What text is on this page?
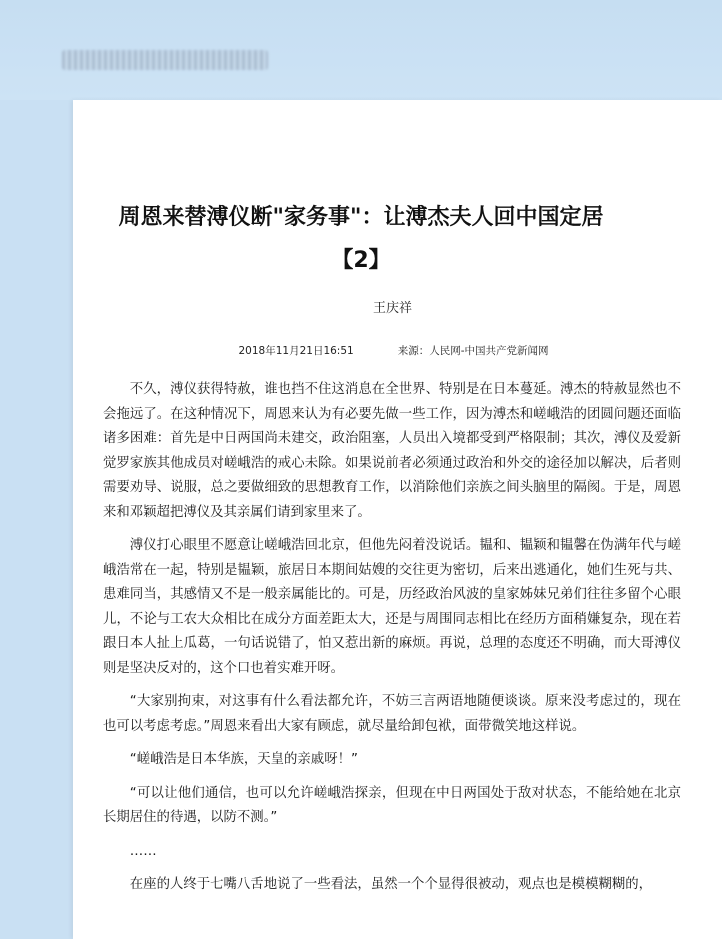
周恩来替溥仪断"家务事"：让溥杰夫人回中国定居
【2】
王庆祥
2018年11月21日16:51	来源：人民网-中国共产党新闻网

不久，溥仪获得特赦，谁也挡不住这消息在全世界、特别是在日本蔓延。溥杰的特赦显然也不会拖远了。在这种情况下，周恩来认为有必要先做一些工作，因为溥杰和嵯峨浩的团圆问题还面临诸多困难：首先是中日两国尚未建交，政治阻塞，人员出入境都受到严格限制；其次，溥仪及爱新觉罗家族其他成员对嵯峨浩的戒心未除。如果说前者必须通过政治和外交的途径加以解决，后者则需要劝导、说服，总之要做细致的思想教育工作，以消除他们亲族之间头脑里的隔阂。于是，周恩来和邓颖超把溥仪及其亲属们请到家里来了。

溥仪打心眼里不愿意让嵯峨浩回北京，但他先闷着没说话。韫和、韫颖和韫馨在伪满年代与嵯峨浩常在一起，特别是韫颖，旅居日本期间姑嫂的交往更为密切，后来出逃通化，她们生死与共、患难同当，其感情又不是一般亲属能比的。可是，历经政治风波的皇家姊妹兄弟们往往多留个心眼儿，不论与工农大众相比在成分方面差距太大，还是与周围同志相比在经历方面稍嫌复杂，现在若跟日本人扯上瓜葛，一句话说错了，怕又惹出新的麻烦。再说，总理的态度还不明确，而大哥溥仪则是坚决反对的，这个口也着实难开呀。

“大家别拘束，对这事有什么看法都允许，不妨三言两语地随便谈谈。原来没考虑过的，现在也可以考虑考虑。”周恩来看出大家有顾虑，就尽量给卸包袱，面带微笑地这样说。

“嵯峨浩是日本华族，天皇的亲戚呀！”

“可以让他们通信，也可以允许嵯峨浩探亲，但现在中日两国处于敌对状态，不能给她在北京长期居住的待遇，以防不测。”

……

在座的人终于七嘴八舌地说了一些看法，虽然一个个显得很被动，观点也是模模糊糊的，
